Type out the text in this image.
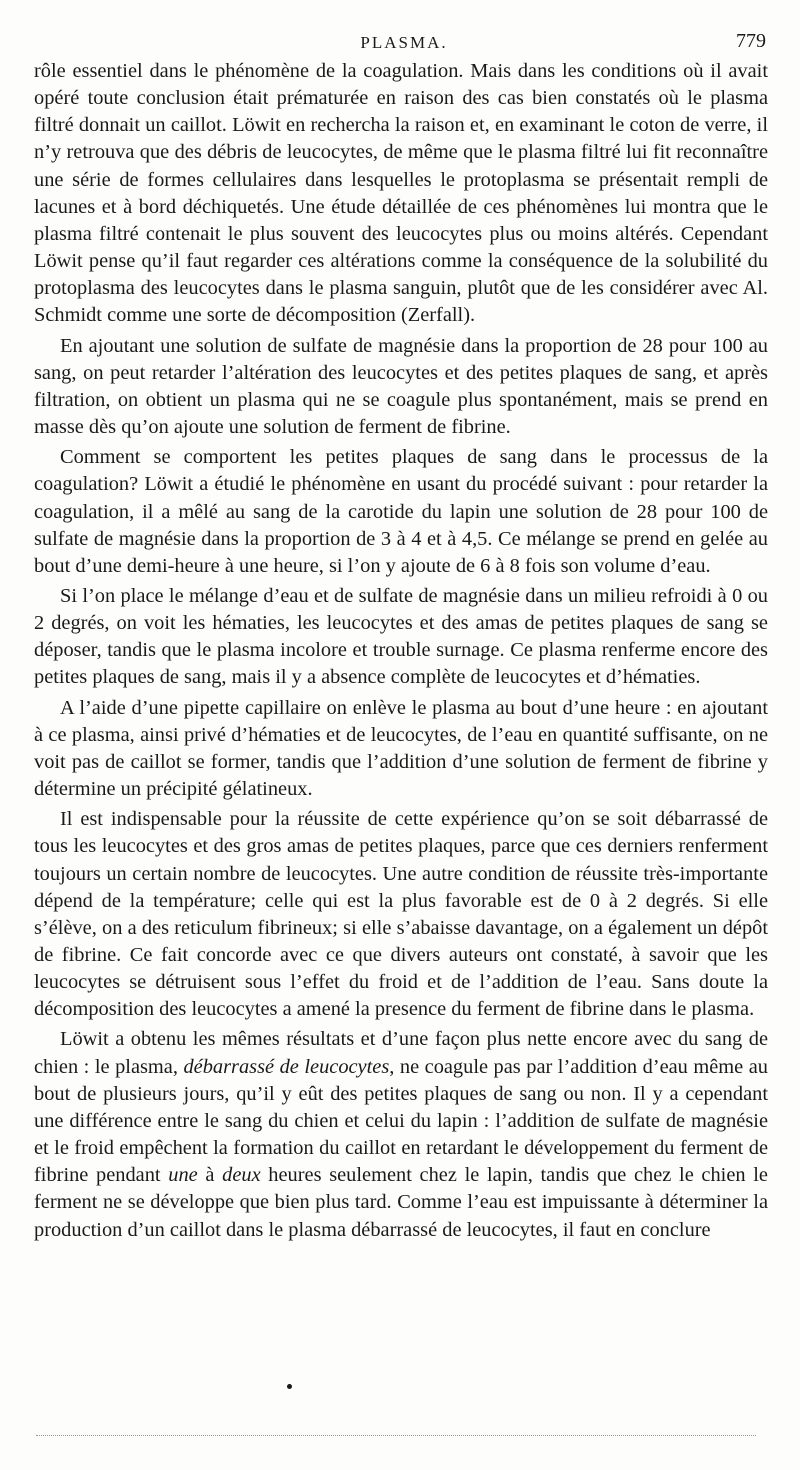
PLASMA.	779

rôle essentiel dans le phénomène de la coagulation. Mais dans les conditions où il avait opéré toute conclusion était prématurée en raison des cas bien constatés où le plasma filtré donnait un caillot. Löwit en rechercha la raison et, en examinant le coton de verre, il n’y retrouva que des débris de leucocytes, de même que le plasma filtré lui fit reconnaître une série de formes cellulaires dans lesquelles le protoplasma se présentait rempli de lacunes et à bord déchiquetés. Une étude détaillée de ces phénomènes lui montra que le plasma filtré contenait le plus souvent des leucocytes plus ou moins altérés. Cependant Löwit pense qu’il faut regarder ces altérations comme la conséquence de la solubilité du protoplasma des leucocytes dans le plasma sanguin, plutôt que de les considérer avec Al. Schmidt comme une sorte de décomposition (Zerfall).

En ajoutant une solution de sulfate de magnésie dans la proportion de 28 pour 100 au sang, on peut retarder l’altération des leucocytes et des petites plaques de sang, et après filtration, on obtient un plasma qui ne se coagule plus spontanément, mais se prend en masse dès qu’on ajoute une solution de ferment de fibrine.

Comment se comportent les petites plaques de sang dans le processus de la coagulation? Löwit a étudié le phénomène en usant du procédé suivant : pour retarder la coagulation, il a mêlé au sang de la carotide du lapin une solution de 28 pour 100 de sulfate de magnésie dans la proportion de 3 à 4 et à 4,5. Ce mélange se prend en gelée au bout d’une demi-heure à une heure, si l’on y ajoute de 6 à 8 fois son volume d’eau.

Si l’on place le mélange d’eau et de sulfate de magnésie dans un milieu refroidi à 0 ou 2 degrés, on voit les hématies, les leucocytes et des amas de petites plaques de sang se déposer, tandis que le plasma incolore et trouble surnage. Ce plasma renferme encore des petites plaques de sang, mais il y a absence complète de leucocytes et d’hématies.

A l’aide d’une pipette capillaire on enlève le plasma au bout d’une heure : en ajoutant à ce plasma, ainsi privé d’hématies et de leucocytes, de l’eau en quantité suffisante, on ne voit pas de caillot se former, tandis que l’addition d’une solution de ferment de fibrine y détermine un précipité gélatineux.

Il est indispensable pour la réussite de cette expérience qu’on se soit débarrassé de tous les leucocytes et des gros amas de petites plaques, parce que ces derniers renferment toujours un certain nombre de leucocytes. Une autre condition de réussite très-importante dépend de la température; celle qui est la plus favorable est de 0 à 2 degrés. Si elle s’élève, on a des reticulum fibrineux; si elle s’abaisse davantage, on a également un dépôt de fibrine. Ce fait concorde avec ce que divers auteurs ont constaté, à savoir que les leucocytes se détruisent sous l’effet du froid et de l’addition de l’eau. Sans doute la décomposition des leucocytes a amené la presence du ferment de fibrine dans le plasma.

Löwit a obtenu les mêmes résultats et d’une façon plus nette encore avec du sang de chien : le plasma, débarrassé de leucocytes, ne coagule pas par l’addition d’eau même au bout de plusieurs jours, qu’il y eût des petites plaques de sang ou non. Il y a cependant une différence entre le sang du chien et celui du lapin : l’addition de sulfate de magnésie et le froid empêchent la formation du caillot en retardant le développement du ferment de fibrine pendant une à deux heures seulement chez le lapin, tandis que chez le chien le ferment ne se développe que bien plus tard. Comme l’eau est impuissante à déterminer la production d’un caillot dans le plasma débarrassé de leucocytes, il faut en conclure
